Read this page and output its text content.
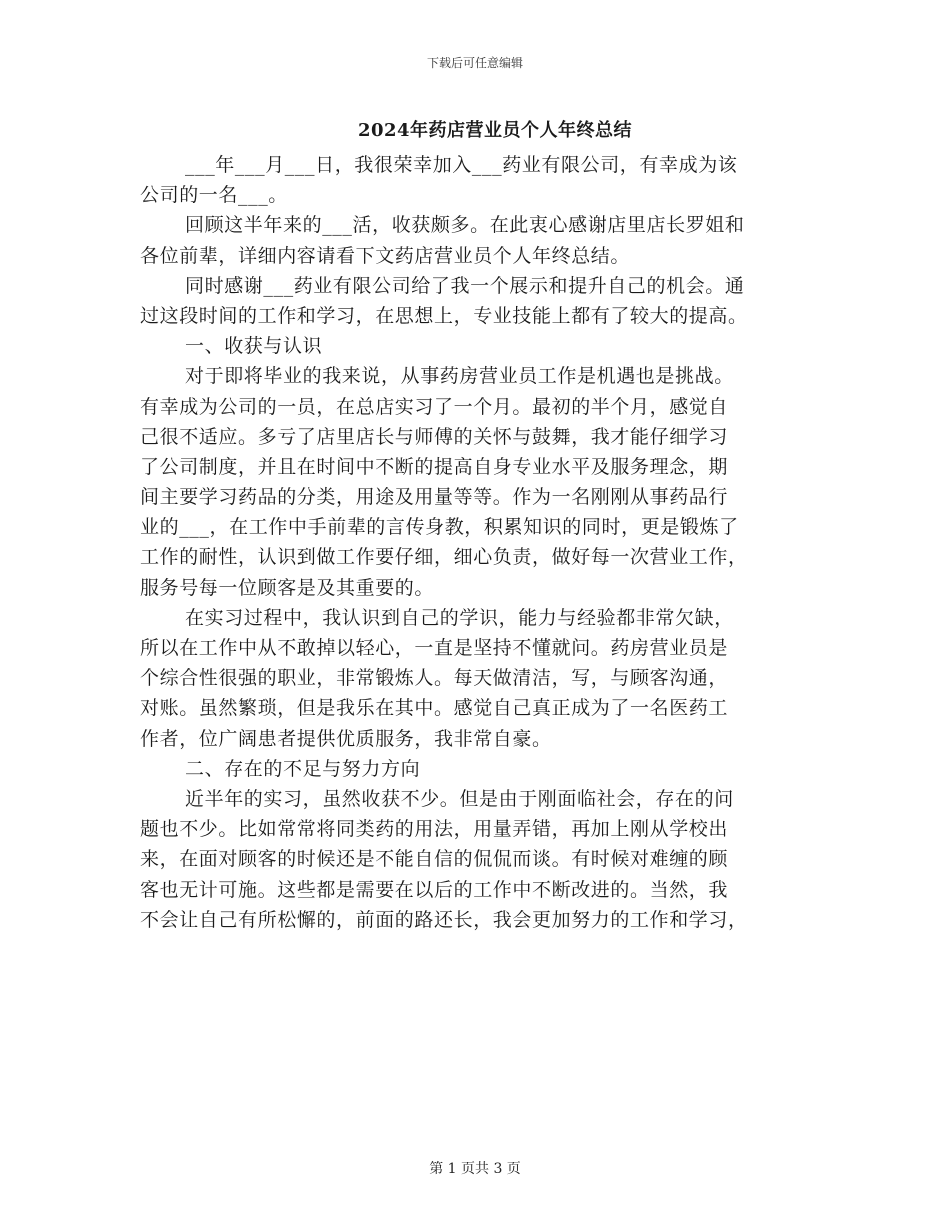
下载后可任意编辑
2024年药店营业员个人年终总结
___年___月___日，我很荣幸加入___药业有限公司，有幸成为该
公司的一名___。
回顾这半年来的___活，收获颇多。在此衷心感谢店里店长罗姐和
各位前辈，详细内容请看下文药店营业员个人年终总结。
同时感谢___药业有限公司给了我一个展示和提升自己的机会。通
过这段时间的工作和学习，在思想上，专业技能上都有了较大的提高。
一、收获与认识
对于即将毕业的我来说，从事药房营业员工作是机遇也是挑战。
有幸成为公司的一员，在总店实习了一个月。最初的半个月，感觉自
己很不适应。多亏了店里店长与师傅的关怀与鼓舞，我才能仔细学习
了公司制度，并且在时间中不断的提高自身专业水平及服务理念，期
间主要学习药品的分类，用途及用量等等。作为一名刚刚从事药品行
业的___，在工作中手前辈的言传身教，积累知识的同时，更是锻炼了
工作的耐性，认识到做工作要仔细，细心负责，做好每一次营业工作，
服务号每一位顾客是及其重要的。
在实习过程中，我认识到自己的学识，能力与经验都非常欠缺，
所以在工作中从不敢掉以轻心，一直是坚持不懂就问。药房营业员是
个综合性很强的职业，非常锻炼人。每天做清洁，写，与顾客沟通，
对账。虽然繁琐，但是我乐在其中。感觉自己真正成为了一名医药工
作者，位广阔患者提供优质服务，我非常自豪。
二、存在的不足与努力方向
近半年的实习，虽然收获不少。但是由于刚面临社会，存在的问
题也不少。比如常常将同类药的用法，用量弄错，再加上刚从学校出
来，在面对顾客的时候还是不能自信的侃侃而谈。有时候对难缠的顾
客也无计可施。这些都是需要在以后的工作中不断改进的。当然，我
不会让自己有所松懈的，前面的路还长，我会更加努力的工作和学习，
第 1 页共 3 页
